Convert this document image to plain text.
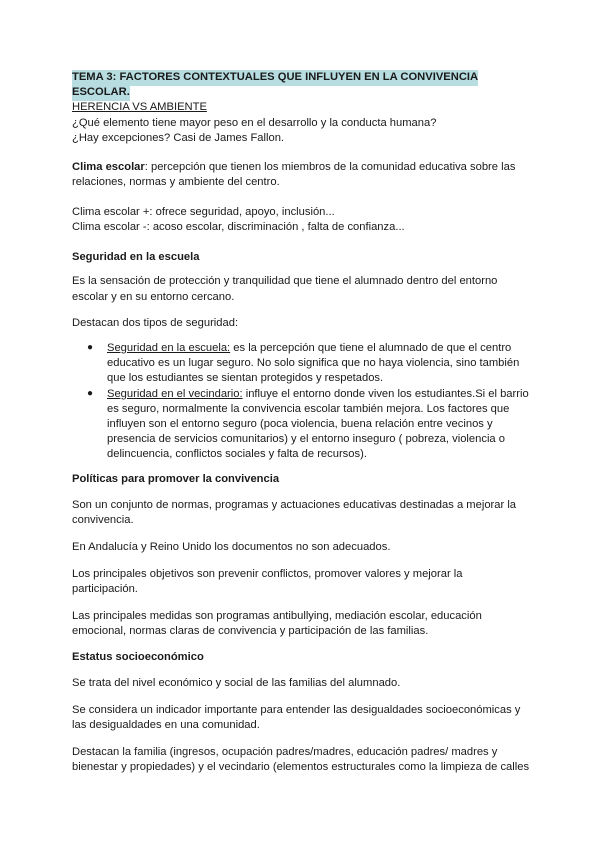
TEMA 3: FACTORES CONTEXTUALES QUE INFLUYEN EN LA CONVIVENCIA
ESCOLAR.
HERENCIA VS AMBIENTE
¿Qué elemento tiene mayor peso en el desarrollo y la conducta humana?
¿Hay excepciones? Casi de James Fallon.
Clima escolar: percepción que tienen los miembros de la comunidad educativa sobre las
relaciones, normas y ambiente del centro.
Clima escolar +: ofrece seguridad, apoyo, inclusión...
Clima escolar -: acoso escolar, discriminación , falta de confianza...
Seguridad en la escuela
Es la sensación de protección y tranquilidad que tiene el alumnado dentro del entorno
escolar y en su entorno cercano.
Destacan dos tipos de seguridad:
● Seguridad en la escuela: es la percepción que tiene el alumnado de que el centro
educativo es un lugar seguro. No solo significa que no haya violencia, sino también
que los estudiantes se sientan protegidos y respetados.
● Seguridad en el vecindario: influye el entorno donde viven los estudiantes.Si el barrio
es seguro, normalmente la convivencia escolar también mejora. Los factores que
influyen son el entorno seguro (poca violencia, buena relación entre vecinos y
presencia de servicios comunitarios) y el entorno inseguro ( pobreza, violencia o
delincuencia, conflictos sociales y falta de recursos).
Políticas para promover la convivencia
Son un conjunto de normas, programas y actuaciones educativas destinadas a mejorar la
convivencia.
En Andalucía y Reino Unido los documentos no son adecuados.
Los principales objetivos son prevenir conflictos, promover valores y mejorar la
participación.
Las principales medidas son programas antibullying, mediación escolar, educación
emocional, normas claras de convivencia y participación de las familias.
Estatus socioeconómico
Se trata del nivel económico y social de las familias del alumnado.
Se considera un indicador importante para entender las desigualdades socioeconómicas y
las desigualdades en una comunidad.
Destacan la familia (ingresos, ocupación padres/madres, educación padres/ madres y
bienestar y propiedades) y el vecindario (elementos estructurales como la limpieza de calles
